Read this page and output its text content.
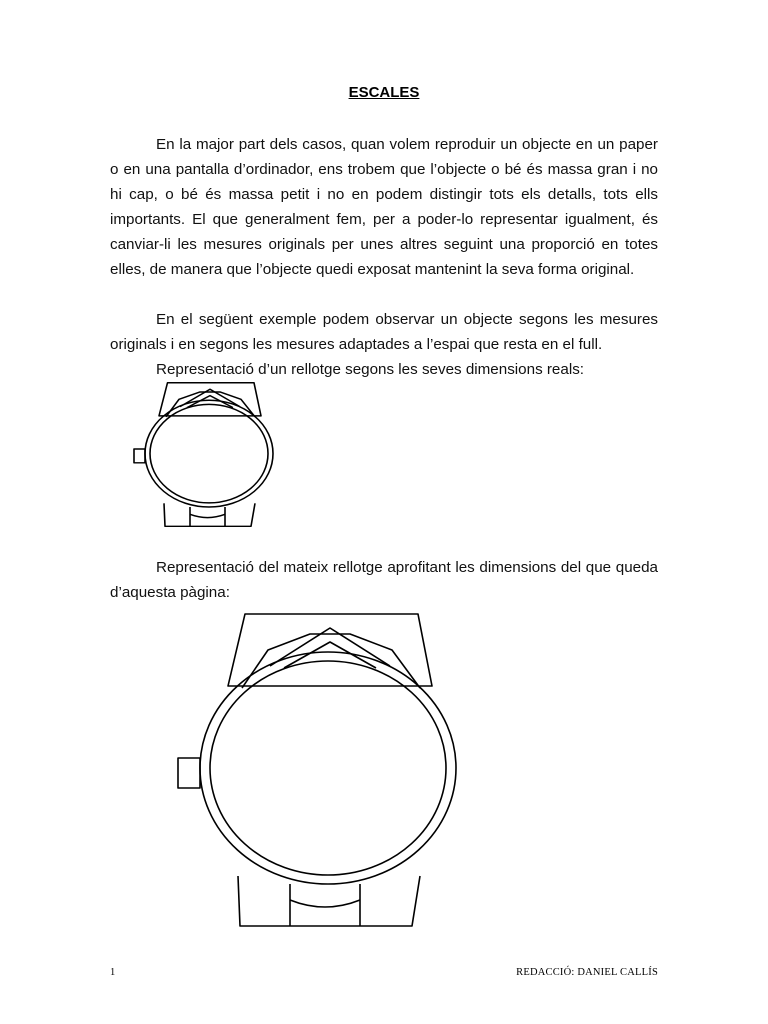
ESCALES

En la major part dels casos, quan volem reproduir un objecte en un paper o en una pantalla d’ordinador, ens trobem que l’objecte o bé és massa gran i no hi cap, o bé és massa petit i no en podem distingir tots els detalls, tots ells importants. El que generalment fem, per a poder-lo representar igualment, és canviar-li les mesures originals per unes altres seguint una proporció en totes elles, de manera que l’objecte quedi exposat mantenint la seva forma original.

En el següent exemple podem observar un objecte segons les mesures originals i en segons les mesures adaptades a l’espai que resta en el full.

Representació d’un rellotge segons les seves dimensions reals:

Representació del mateix rellotge aprofitant les dimensions del que queda d’aquesta pàgina:

1	REDACCIÓ: DANIEL CALLÍS
